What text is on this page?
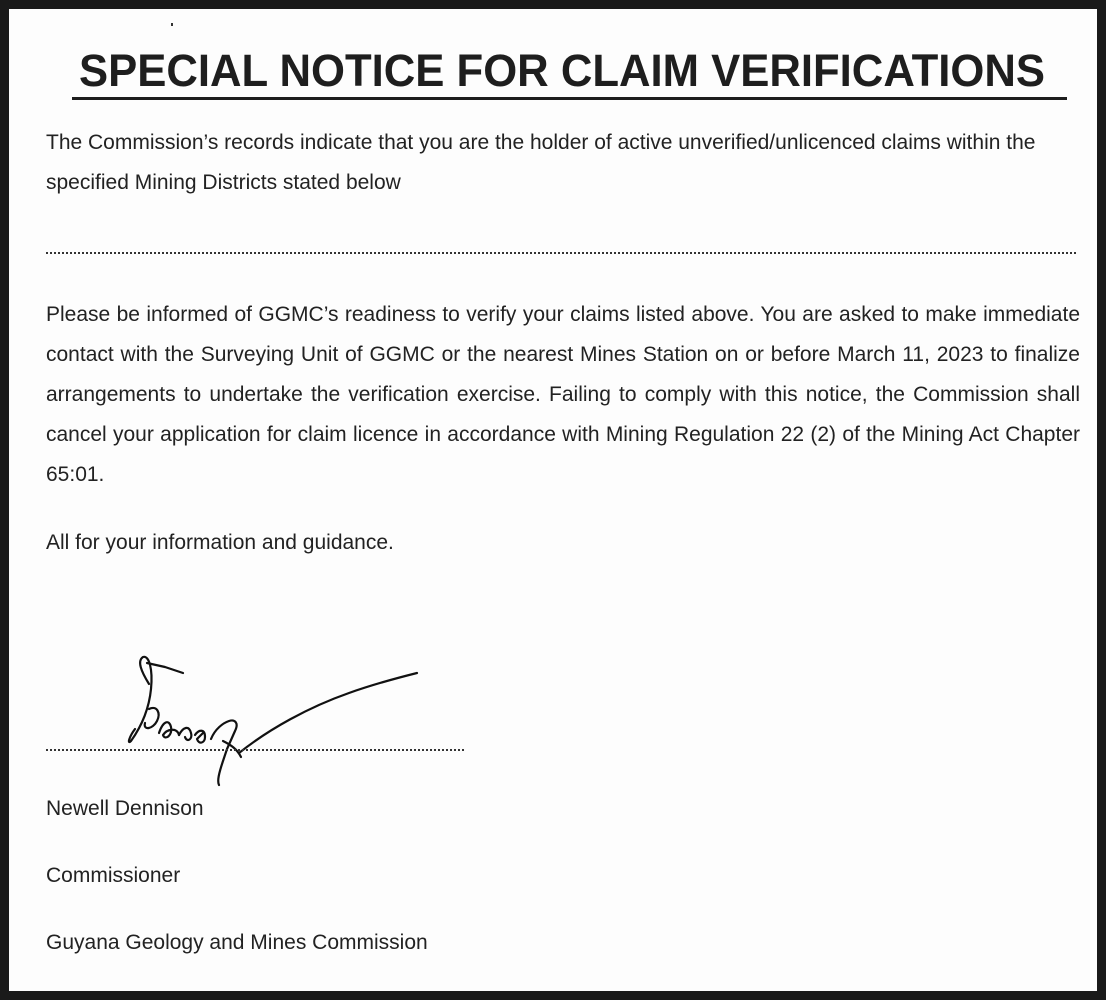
SPECIAL NOTICE FOR CLAIM VERIFICATIONS

The Commission’s records indicate that you are the holder of active unverified/unlicenced claims within the specified Mining Districts stated below

Please be informed of GGMC’s readiness to verify your claims listed above. You are asked to make immediate contact with the Surveying Unit of GGMC or the nearest Mines Station on or before March 11, 2023 to finalize arrangements to undertake the verification exercise. Failing to comply with this notice, the Commission shall cancel your application for claim licence in accordance with Mining Regulation 22 (2) of the Mining Act Chapter 65:01.

All for your information and guidance.

Newell Dennison

Commissioner

Guyana Geology and Mines Commission
